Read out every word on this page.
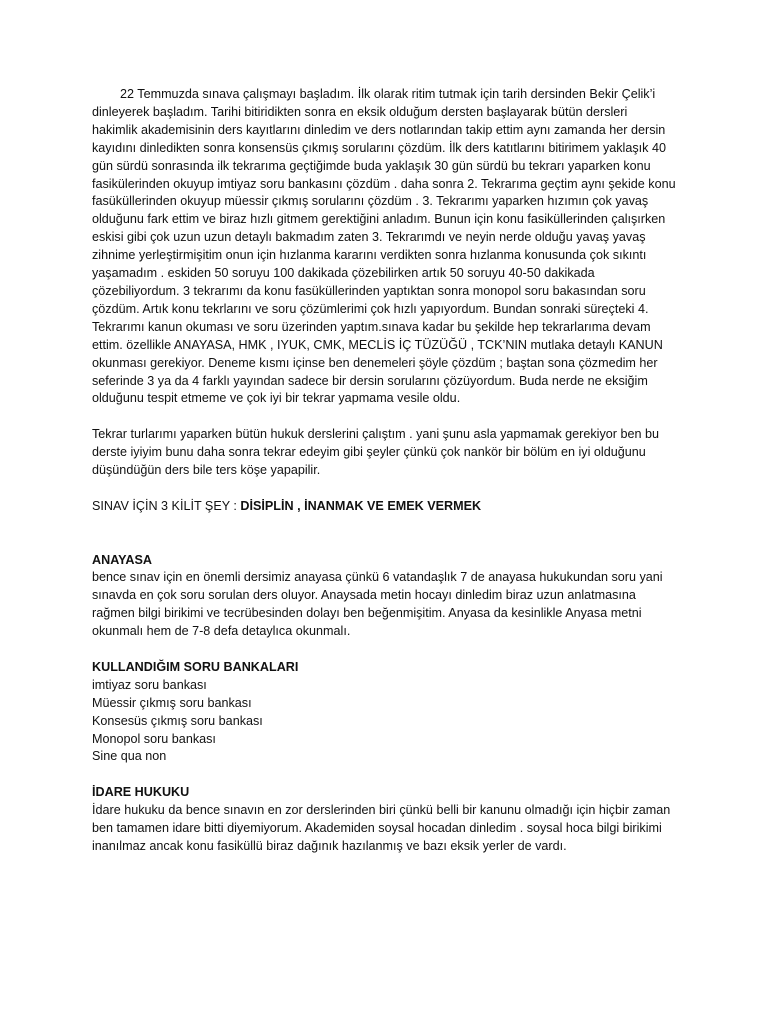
22 Temmuzda sınava çalışmayı başladım. İlk olarak ritim tutmak için tarih dersinden Bekir Çelik’i dinleyerek başladım. Tarihi bitiridikten sonra en eksik olduğum dersten başlayarak bütün dersleri hakimlik akademisinin ders kayıtlarını dinledim ve ders notlarından takip ettim aynı zamanda her dersin kayıdını dinledikten sonra konsensüs çıkmış sorularını çözdüm. İlk ders katıtlarını bitirimem yaklaşık 40 gün sürdü sonrasında ilk tekrarıma geçtiğimde buda yaklaşık 30 gün sürdü bu tekrarı yaparken konu fasikülerinden okuyup imtiyaz soru bankasını çözdüm . daha sonra 2. Tekrarıma geçtim aynı şekide konu fasüküllerinden okuyup müessir çıkmış sorularını çözdüm . 3. Tekrarımı yaparken hızımın çok yavaş olduğunu fark ettim ve biraz hızlı gitmem gerektiğini anladım. Bunun için konu fasiküllerinden çalışırken eskisi gibi çok uzun uzun detaylı bakmadım zaten 3. Tekrarımdı ve neyin nerde olduğu yavaş yavaş zihnime yerleştirmişitim onun için hızlanma kararını verdikten sonra hızlanma konusunda çok sıkıntı yaşamadım . eskiden 50 soruyu 100 dakikada çözebilirken artık 50 soruyu 40-50 dakikada çözebiliyordum. 3 tekrarımı da konu fasüküllerinden yaptıktan sonra monopol soru bakasından soru çözdüm. Artık konu tekrlarını ve soru çözümlerimi çok hızlı yapıyordum. Bundan sonraki süreçteki 4. Tekrarımı kanun okuması ve soru üzerinden yaptım.sınava kadar bu şekilde hep tekrarlarıma devam ettim. özellikle ANAYASA, HMK , IYUK, CMK, MECLİS İÇ TÜZÜĞÜ , TCK’NIN mutlaka detaylı KANUN okunması gerekiyor. Deneme kısmı içinse ben denemeleri şöyle çözdüm ; baştan sona çözmedim her seferinde 3 ya da 4 farklı yayından sadece bir dersin sorularını çözüyordum. Buda nerde ne eksiğim olduğunu tespit etmeme ve çok iyi bir tekrar yapmama vesile oldu.

Tekrar turlarımı yaparken bütün hukuk derslerini çalıştım . yani şunu asla yapmamak gerekiyor ben bu derste iyiyim bunu daha sonra tekrar edeyim gibi şeyler çünkü çok nankör bir bölüm en iyi olduğunu düşündüğün ders bile ters köşe yapapilir.

SINAV İÇİN 3 KİLİT ŞEY : DİSİPLİN , İNANMAK VE EMEK VERMEK

ANAYASA

bence sınav için en önemli dersimiz anayasa çünkü 6 vatandaşlık 7 de anayasa hukukundan soru yani sınavda en çok soru sorulan ders oluyor. Anaysada metin hocayı dinledim biraz uzun anlatmasına rağmen bilgi birikimi ve tecrübesinden dolayı ben beğenmişitim. Anyasa da kesinlikle Anyasa metni okunmalı hem de 7-8 defa detaylıca okunmalı.

KULLANDIĞIM SORU BANKALARI

imtiyaz soru bankası
Müessir çıkmış soru bankası
Konsesüs çıkmış soru bankası
Monopol soru bankası
Sine qua non

İDARE HUKUKU

İdare hukuku da bence sınavın en zor derslerinden biri çünkü belli bir kanunu olmadığı için hiçbir zaman ben tamamen idare bitti diyemiyorum. Akademiden soysal hocadan dinledim . soysal hoca bilgi birikimi inanılmaz ancak konu fasiküllü biraz dağınık hazılanmış ve bazı eksik yerler de vardı.
